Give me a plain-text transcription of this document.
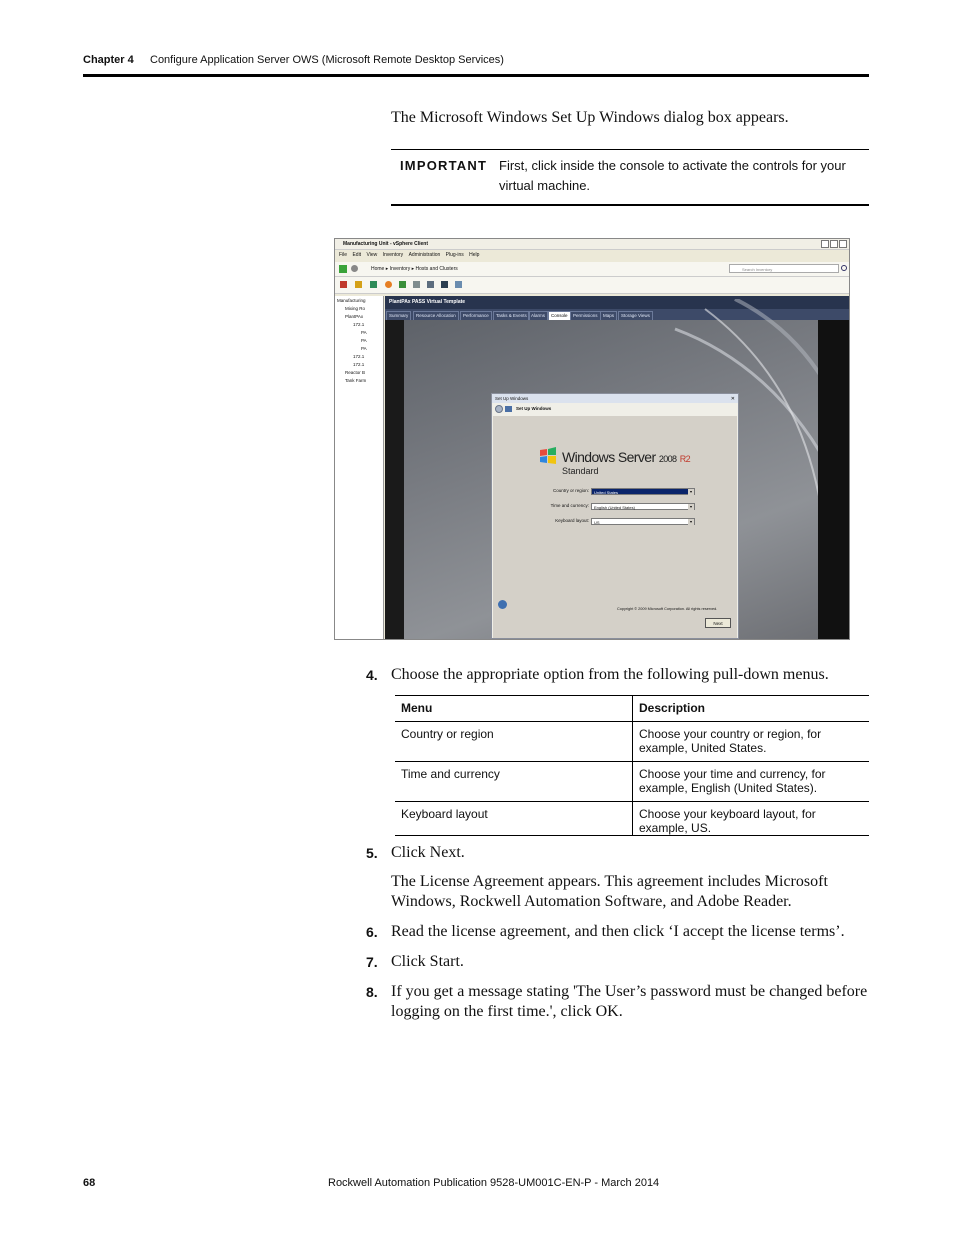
Chapter 4 Configure Application Server OWS (Microsoft Remote Desktop Services)
The Microsoft Windows Set Up Windows dialog box appears.
IMPORTANT First, click inside the console to activate the controls for your virtual machine.
Manufacturing Unit - vSphere Client
File Edit View Inventory Administration Plug-ins Help
Home ▸ Inventory ▸ Hosts and Clusters	Search Inventory
Manufacturing
Mixing Ro
PlantPAx
172.1
PA
PA
PA
172.1
172.1
Reactor B
Tank Farm
PlantPAx PASS Virtual Template
Summary	Resource Allocation	Performance	Tasks & Events Alarms	Console	Permissions	Maps	Storage Views
Set Up Windows	✕
Set Up Windows
Windows Server 2008 R2
Standard
Country or region:	United States	▾
Time and currency:	English (United States)	▾
Keyboard layout:	US	▾
Copyright © 2009 Microsoft Corporation. All rights reserved.
Next
4. Choose the appropriate option from the following pull-down menus.
Menu	Description
Country or region	Choose your country or region, for example, United States.
Time and currency	Choose your time and currency, for example, English (United States).
Keyboard layout	Choose your keyboard layout, for example, US.
5. Click Next.
The License Agreement appears. This agreement includes Microsoft Windows, Rockwell Automation Software, and Adobe Reader.
6. Read the license agreement, and then click ‘I accept the license terms’.
7. Click Start.
8. If you get a message stating 'The User’s password must be changed before logging on the first time.', click OK.
68	Rockwell Automation Publication 9528-UM001C-EN-P - March 2014
